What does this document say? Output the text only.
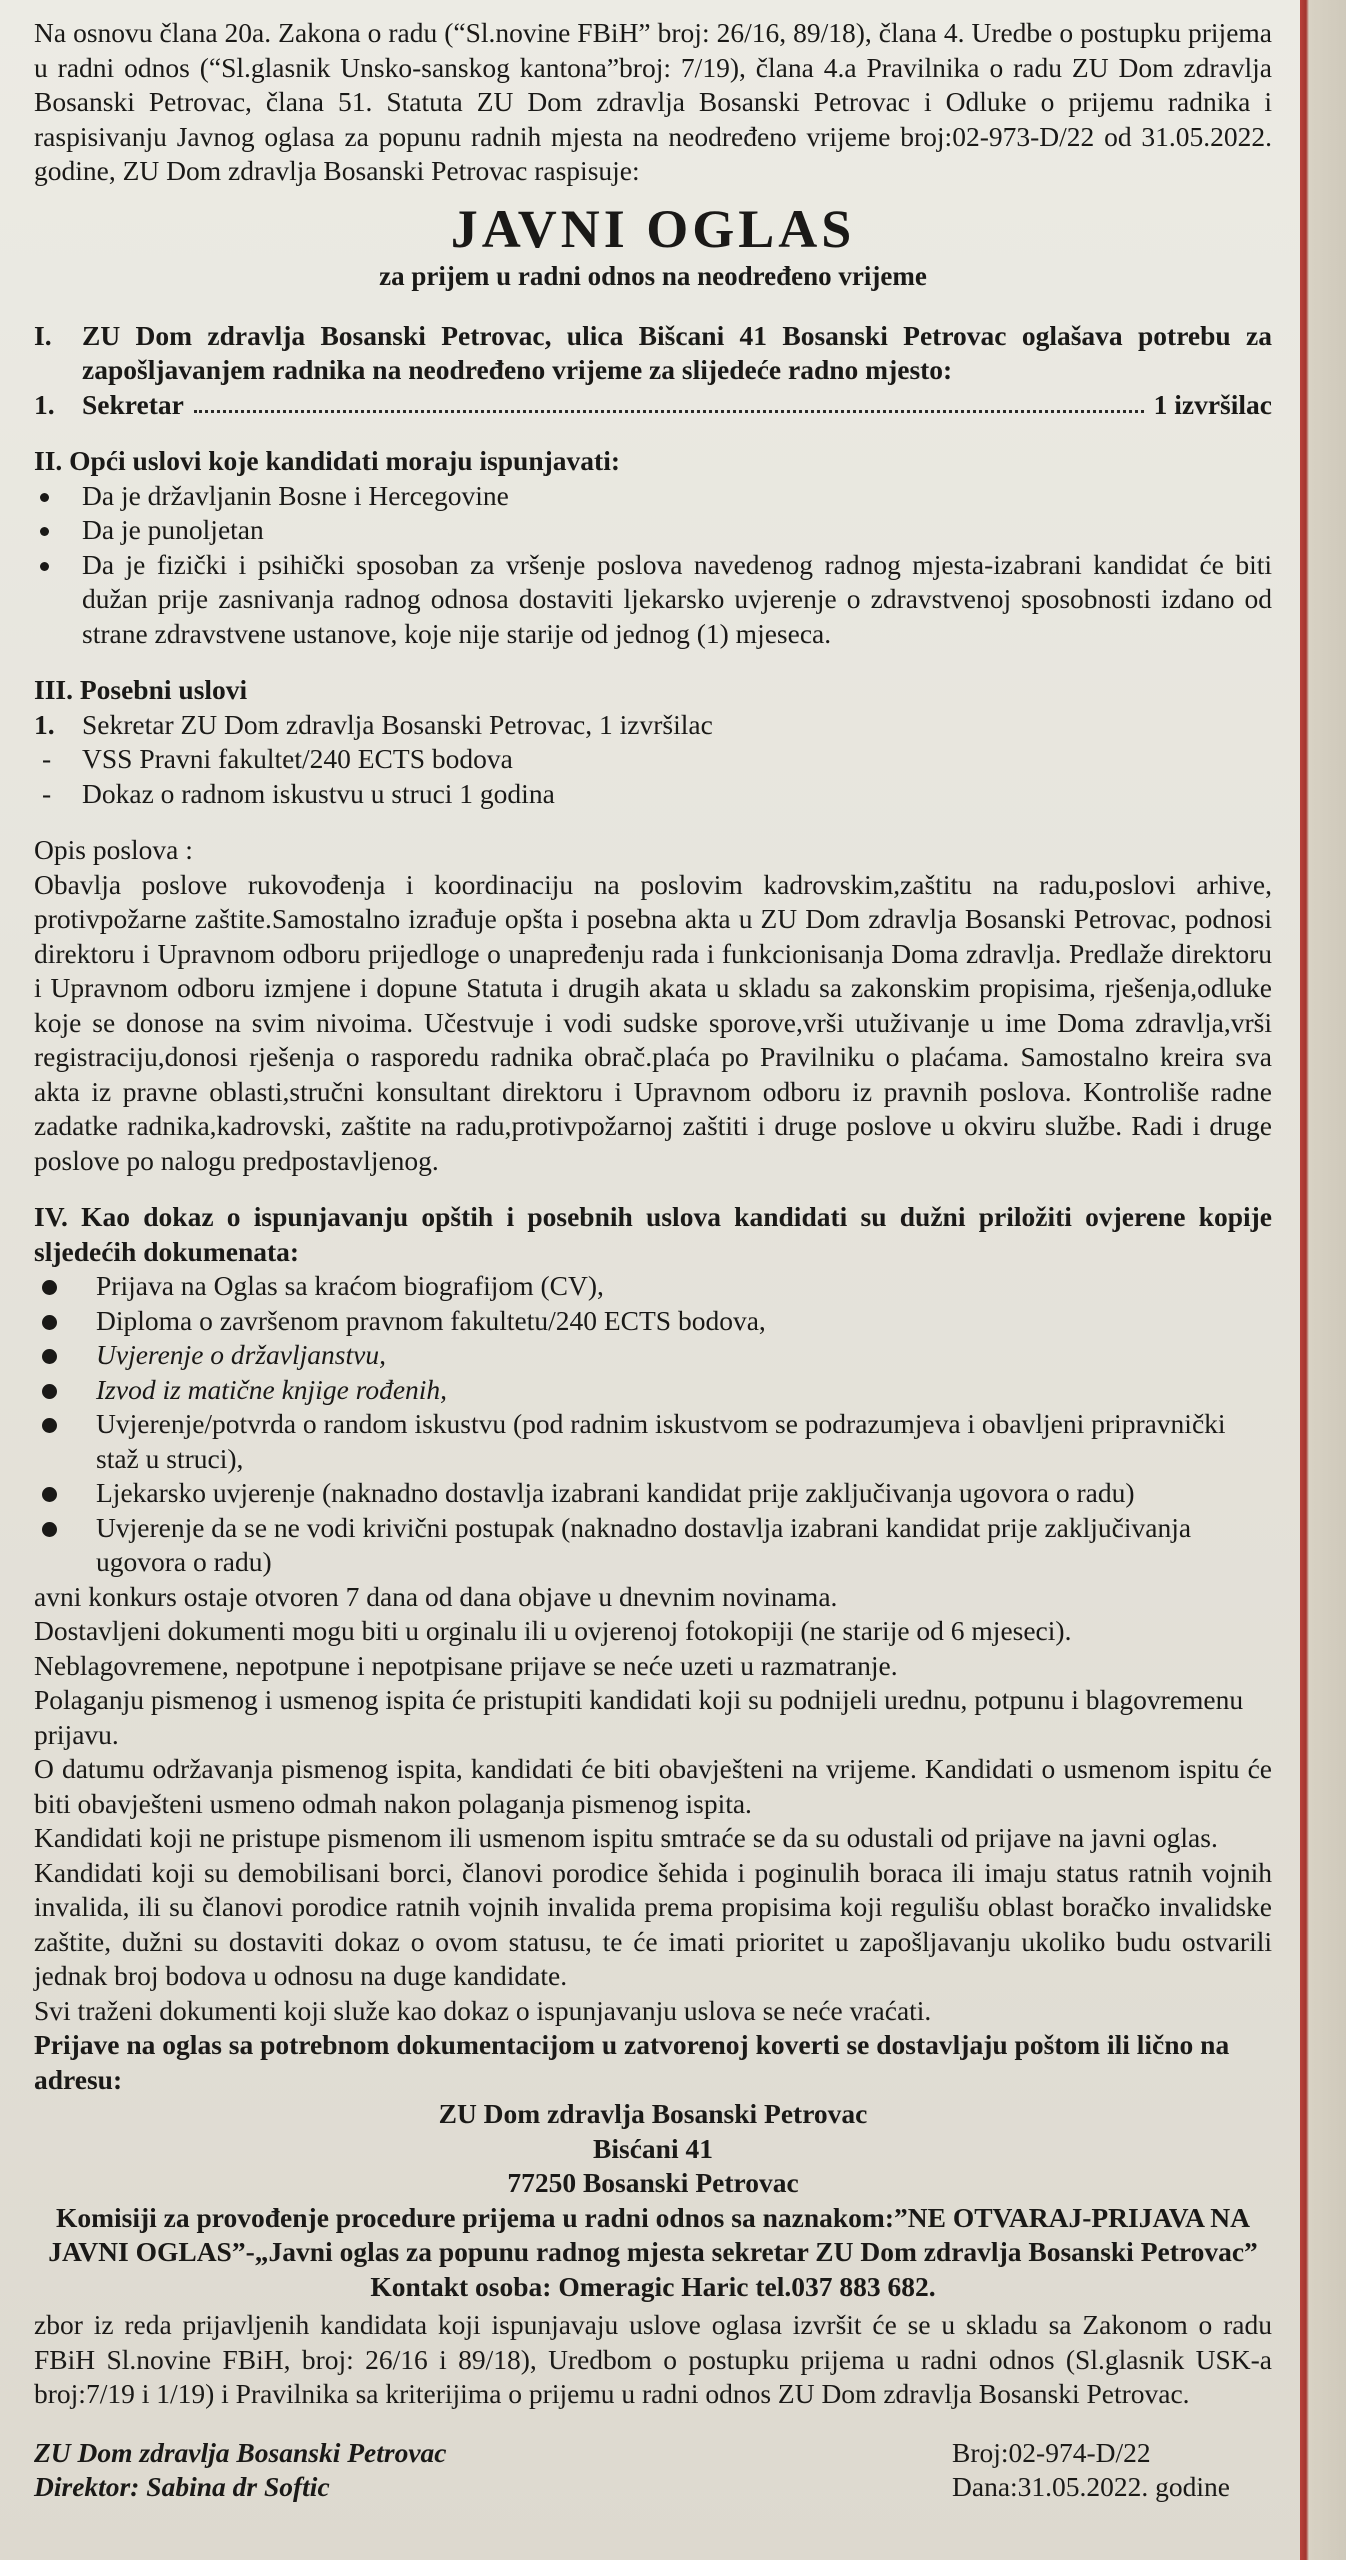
Na osnovu člana 20a. Zakona o radu (“Sl.novine FBiH” broj: 26/16, 89/18), člana 4. Uredbe o postupku prijema u radni odnos (“Sl.glasnik Unsko-sanskog kantona”broj: 7/19), člana 4.a Pravilnika o radu ZU Dom zdravlja Bosanski Petrovac, člana 51. Statuta ZU Dom zdravlja Bosanski Petrovac i Odluke o prijemu radnika i raspisivanju Javnog oglasa za popunu radnih mjesta na neodređeno vrijeme broj:02-973-D/22 od 31.05.2022. godine, ZU Dom zdravlja Bosanski Petrovac raspisuje:

JAVNI OGLAS

za prijem u radni odnos na neodređeno vrijeme

I.	ZU Dom zdravlja Bosanski Petrovac, ulica Bišcani 41 Bosanski Petrovac oglašava potrebu za zapošljavanjem radnika na neodređeno vrijeme za slijedeće radno mjesto:
1. Sekretar	1 izvršilac

II. Opći uslovi koje kandidati moraju ispunjavati:

Da je državljanin Bosne i Hercegovine
Da je punoljetan
Da je fizički i psihički sposoban za vršenje poslova navedenog radnog mjesta-izabrani kandidat će biti dužan prije zasnivanja radnog odnosa dostaviti ljekarsko uvjerenje o zdravstvenoj sposobnosti izdano od strane zdravstvene ustanove, koje nije starije od jednog (1) mjeseca.

III. Posebni uslovi

1. Sekretar ZU Dom zdravlja Bosanski Petrovac, 1 izvršilac
VSS Pravni fakultet/240 ECTS bodova
Dokaz o radnom iskustvu u struci 1 godina

Opis poslova :

Obavlja poslove rukovođenja i koordinaciju na poslovim kadrovskim,zaštitu na radu,poslovi arhive, protivpožarne zaštite.Samostalno izrađuje opšta i posebna akta u ZU Dom zdravlja Bosanski Petrovac, podnosi direktoru i Upravnom odboru prijedloge o unapređenju rada i funkcionisanja Doma zdravlja. Predlaže direktoru i Upravnom odboru izmjene i dopune Statuta i drugih akata u skladu sa zakonskim propisima, rješenja,odluke koje se donose na svim nivoima. Učestvuje i vodi sudske sporove,vrši utuživanje u ime Doma zdravlja,vrši registraciju,donosi rješenja o rasporedu radnika obrač.plaća po Pravilniku o plaćama. Samostalno kreira sva akta iz pravne oblasti,stručni konsultant direktoru i Upravnom odboru iz pravnih poslova. Kontroliše radne zadatke radnika,kadrovski, zaštite na radu,protivpožarnoj zaštiti i druge poslove u okviru službe. Radi i druge poslove po nalogu predpostavljenog.

IV. Kao dokaz o ispunjavanju opštih i posebnih uslova kandidati su dužni priložiti ovjerene kopije sljedećih dokumenata:

Prijava na Oglas sa kraćom biografijom (CV),
Diploma o završenom pravnom fakultetu/240 ECTS bodova,
Uvjerenje o državljanstvu,
Izvod iz matične knjige rođenih,
Uvjerenje/potvrda o random iskustvu (pod radnim iskustvom se podrazumjeva i obavljeni pripravnički staž u struci),
Ljekarsko uvjerenje (naknadno dostavlja izabrani kandidat prije zaključivanja ugovora o radu)
Uvjerenje da se ne vodi krivični postupak (naknadno dostavlja izabrani kandidat prije zaključivanja ugovora o radu)

avni konkurs ostaje otvoren 7 dana od dana objave u dnevnim novinama.

Dostavljeni dokumenti mogu biti u orginalu ili u ovjerenoj fotokopiji (ne starije od 6 mjeseci).

Neblagovremene, nepotpune i nepotpisane prijave se neće uzeti u razmatranje.

Polaganju pismenog i usmenog ispita će pristupiti kandidati koji su podnijeli urednu, potpunu i blagovremenu prijavu.

O datumu održavanja pismenog ispita, kandidati će biti obavješteni na vrijeme. Kandidati o usmenom ispitu će biti obavješteni usmeno odmah nakon polaganja pismenog ispita.

Kandidati koji ne pristupe pismenom ili usmenom ispitu smtraće se da su odustali od prijave na javni oglas.

Kandidati koji su demobilisani borci, članovi porodice šehida i poginulih boraca ili imaju status ratnih vojnih invalida, ili su članovi porodice ratnih vojnih invalida prema propisima koji regulišu oblast boračko invalidske zaštite, dužni su dostaviti dokaz o ovom statusu, te će imati prioritet u zapošljavanju ukoliko budu ostvarili jednak broj bodova u odnosu na duge kandidate.

Svi traženi dokumenti koji služe kao dokaz o ispunjavanju uslova se neće vraćati.

Prijave na oglas sa potrebnom dokumentacijom u zatvorenoj koverti se dostavljaju poštom ili lično na adresu:

ZU Dom zdravlja Bosanski Petrovac

Bisćani 41

77250 Bosanski Petrovac

Komisiji za provođenje procedure prijema u radni odnos sa naznakom:”NE OTVARAJ-PRIJAVA NA JAVNI OGLAS”-„Javni oglas za popunu radnog mjesta sekretar ZU Dom zdravlja Bosanski Petrovac”

Kontakt osoba: Omeragic Haric tel.037 883 682.

zbor iz reda prijavljenih kandidata koji ispunjavaju uslove oglasa izvršit će se u skladu sa Zakonom o radu FBiH Sl.novine FBiH, broj: 26/16 i 89/18), Uredbom o postupku prijema u radni odnos (Sl.glasnik USK-a broj:7/19 i 1/19) i Pravilnika sa kriterijima o prijemu u radni odnos ZU Dom zdravlja Bosanski Petrovac.

ZU Dom zdravlja Bosanski Petrovac

Direktor: Sabina dr Softic

Broj:02-974-D/22

Dana:31.05.2022. godine
